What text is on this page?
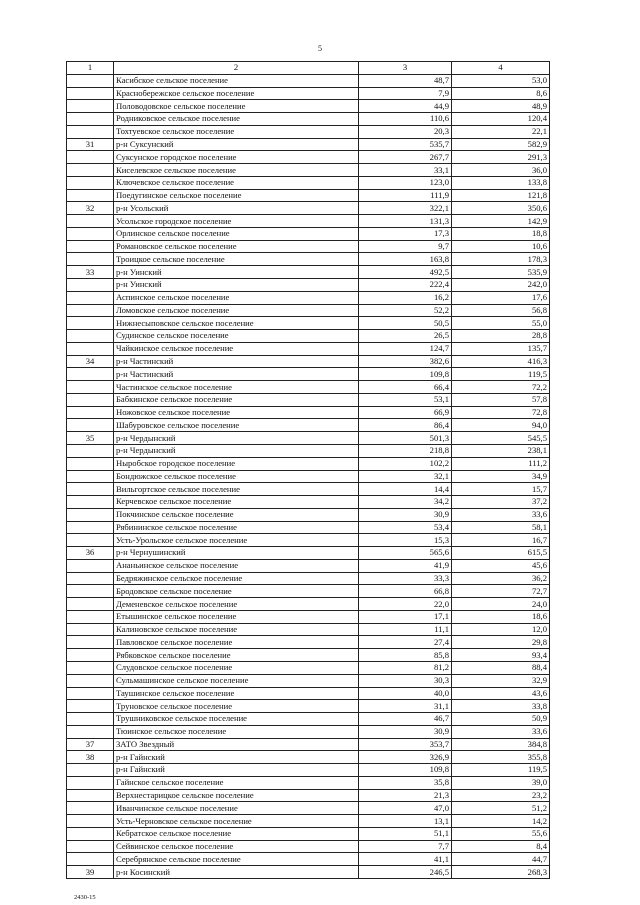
5
1	2	3	4
	Касибское сельское поселение	48,7	53,0
	Краснобережское сельское поселение	7,9	8,6
	Половодовское сельское поселение	44,9	48,9
	Родниковское сельское поселение	110,6	120,4
	Тохтуевское сельское поселение	20,3	22,1
31	р-н Суксунский	535,7	582,9
	Суксунское городское поселение	267,7	291,3
	Киселевское сельское поселение	33,1	36,0
	Ключевское сельское поселение	123,0	133,8
	Поедугинское сельское поселение	111,9	121,8
32	р-н Усольский	322,1	350,6
	Усольское городское поселение	131,3	142,9
	Орлинское сельское поселение	17,3	18,8
	Романовское сельское поселение	9,7	10,6
	Троицкое сельское поселение	163,8	178,3
33	р-н Уинский	492,5	535,9
	р-н Уинский	222,4	242,0
	Аспинское сельское поселение	16,2	17,6
	Ломовское сельское поселение	52,2	56,8
	Нижнесыповское сельское поселение	50,5	55,0
	Судинское сельское поселение	26,5	28,8
	Чайкинское сельское поселение	124,7	135,7
34	р-н Частинский	382,6	416,3
	р-н Частинский	109,8	119,5
	Частинское сельское поселение	66,4	72,2
	Бабкинское сельское поселение	53,1	57,8
	Ножовское сельское поселение	66,9	72,8
	Шабуровское сельское поселение	86,4	94,0
35	р-н Чердынский	501,3	545,5
	р-н Чердынский	218,8	238,1
	Ныробское городское поселение	102,2	111,2
	Бондюжское сельское поселение	32,1	34,9
	Вильгортское сельское поселение	14,4	15,7
	Керчевское сельское поселение	34,2	37,2
	Покчинское сельское поселение	30,9	33,6
	Рябининское сельское поселение	53,4	58,1
	Усть-Урольское сельское поселение	15,3	16,7
36	р-н Чернушинский	565,6	615,5
	Ананьинское сельское поселение	41,9	45,6
	Бедряжинское сельское поселение	33,3	36,2
	Бродовское сельское поселение	66,8	72,7
	Деменевское сельское поселение	22,0	24,0
	Етышинское сельское поселение	17,1	18,6
	Калиновское сельское поселение	11,1	12,0
	Павловское сельское поселение	27,4	29,8
	Рябковское сельское поселение	85,8	93,4
	Слудовское сельское поселение	81,2	88,4
	Сульмашинское сельское поселение	30,3	32,9
	Таушинское сельское поселение	40,0	43,6
	Труновское сельское поселение	31,1	33,8
	Трушниковское сельское поселение	46,7	50,9
	Тюинское сельское поселение	30,9	33,6
37	ЗАТО Звездный	353,7	384,8
38	р-н Гайнский	326,9	355,8
	р-н Гайнский	109,8	119,5
	Гайнское сельское поселение	35,8	39,0
	Верхнестарицкое сельское поселение	21,3	23,2
	Иванчинское сельское поселение	47,0	51,2
	Усть-Черновское сельское поселение	13,1	14,2
	Кебратское сельское поселение	51,1	55,6
	Сейвинское сельское поселение	7,7	8,4
	Серебрянское сельское поселение	41,1	44,7
39	р-н Косинский	246,5	268,3
2430-15
